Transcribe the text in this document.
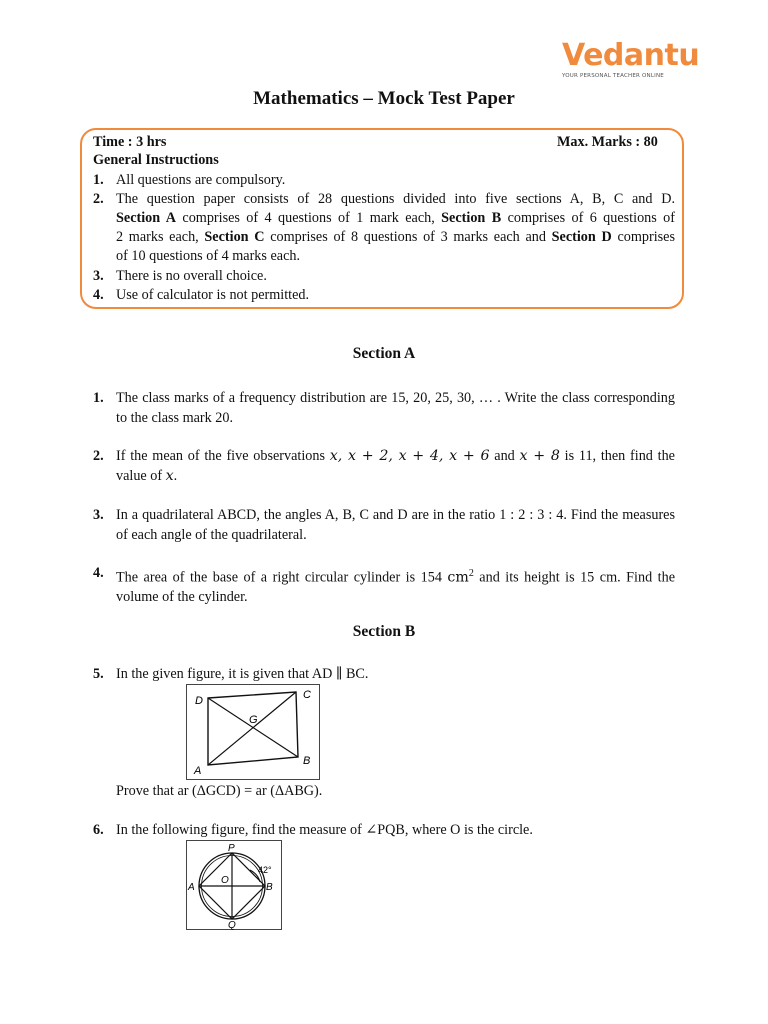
Vedantu
YOUR PERSONAL TEACHER ONLINE
Mathematics – Mock Test Paper
Time : 3 hrs	Max. Marks : 80
General Instructions
1. All questions are compulsory.
2. The question paper consists of 28 questions divided into five sections A, B, C and D.
Section A comprises of 4 questions of 1 mark each, Section B comprises of 6 questions of
2 marks each, Section C comprises of 8 questions of 3 marks each and Section D comprises
of 10 questions of 4 marks each.
3. There is no overall choice.
4. Use of calculator is not permitted.
Section A
1. The class marks of a frequency distribution are 15, 20, 25, 30, … . Write the class corresponding to the class mark 20.
2. If the mean of the five observations x, x + 2, x + 4, x + 6 and x + 8 is 11, then find the value of x.
3. In a quadrilateral ABCD, the angles A, B, C and D are in the ratio 1 : 2 : 3 : 4. Find the measures of each angle of the quadrilateral.
4. The area of the base of a right circular cylinder is 154 $cm^2$ and its height is 15 cm. Find the volume of the cylinder.
Section B
5. In the given figure, it is given that AD ∥ BC.
D	C
G
A
B
Prove that ar (ΔGCD) = ar (ΔABG).
6. In the following figure, find the measure of ∠PQB, where O is the circle.
P
Q
A	B
O
42°
